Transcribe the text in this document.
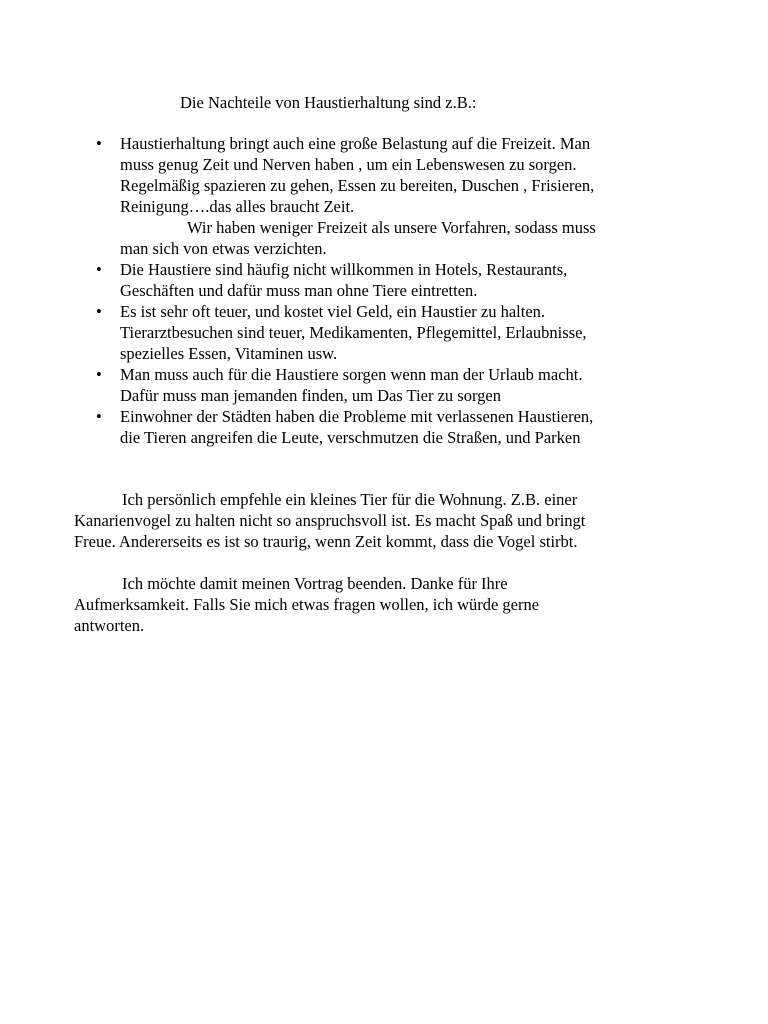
Die Nachteile von Haustierhaltung sind z.B.:
•	Haustierhaltung bringt auch eine große Belastung auf die Freizeit. Man
muss genug Zeit und Nerven haben , um ein Lebenswesen zu sorgen.
Regelmäßig spazieren zu gehen, Essen zu bereiten, Duschen , Frisieren,
Reinigung….das alles braucht Zeit.
Wir haben weniger Freizeit als unsere Vorfahren, sodass muss
man sich von etwas verzichten.
•	Die Haustiere sind häufig nicht willkommen in Hotels, Restaurants,
Geschäften und dafür muss man ohne Tiere eintretten.
•	Es ist sehr oft teuer, und kostet viel Geld, ein Haustier zu halten.
Tierarztbesuchen sind teuer, Medikamenten, Pflegemittel, Erlaubnisse,
spezielles Essen, Vitaminen usw.
•	Man muss auch für die Haustiere sorgen wenn man der Urlaub macht.
Dafür muss man jemanden finden, um Das Tier zu sorgen
•	Einwohner der Städten haben die Probleme mit verlassenen Haustieren,
die Tieren angreifen die Leute, verschmutzen die Straßen, und Parken
Ich persönlich empfehle ein kleines Tier für die Wohnung. Z.B. einer
Kanarienvogel zu halten nicht so anspruchsvoll ist. Es macht Spaß und bringt
Freue. Andererseits es ist so traurig, wenn Zeit kommt, dass die Vogel stirbt.
Ich möchte damit meinen Vortrag beenden. Danke für Ihre
Aufmerksamkeit. Falls Sie mich etwas fragen wollen, ich würde gerne
antworten.
